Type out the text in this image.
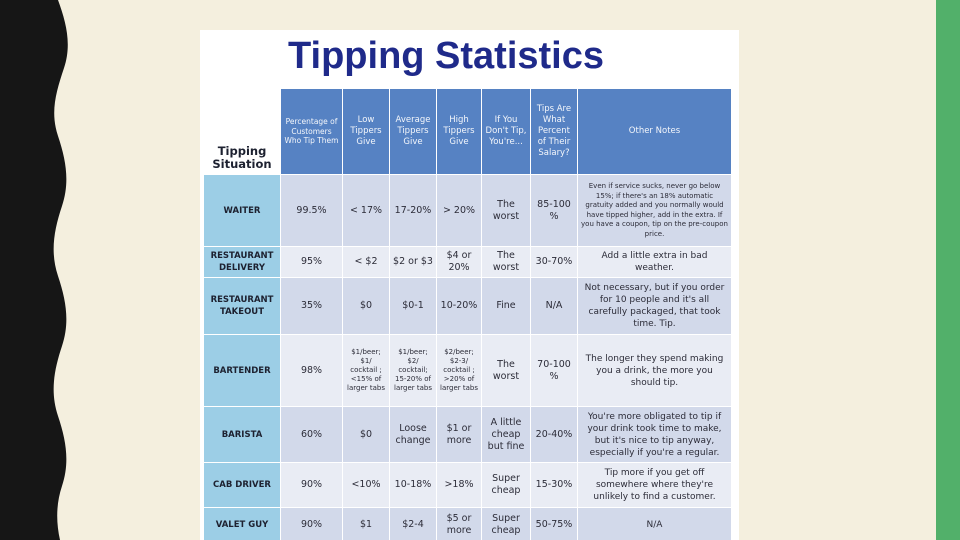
Tipping Statistics
Tipping Situation	Percentage of Customers Who Tip Them	Low Tippers Give	Average Tippers Give	High Tippers Give	If You Don't Tip, You're...	Tips Are What Percent of Their Salary?	Other Notes
WAITER	99.5%	< 17%	17-20%	> 20%	The worst	85-100 %	Even if service sucks, never go below 15%; if there's an 18% automatic gratuity added and you normally would have tipped higher, add in the extra. If you have a coupon, tip on the pre-coupon price.
RESTAURANT DELIVERY	95%	< $2	$2 or $3	$4 or 20%	The worst	30-70%	Add a little extra in bad weather.
RESTAURANT TAKEOUT	35%	$0	$0-1	10-20%	Fine	N/A	Not necessary, but if you order for 10 people and it's all carefully packaged, that took time. Tip.
BARTENDER	98%	$1/beer; $1/ cocktail ; <15% of larger tabs	$1/beer; $2/ cocktail; 15-20% of larger tabs	$2/beer; $2-3/ cocktail ; >20% of larger tabs	The worst	70-100 %	The longer they spend making you a drink, the more you should tip.
BARISTA	60%	$0	Loose change	$1 or more	A little cheap but fine	20-40%	You're more obligated to tip if your drink took time to make, but it's nice to tip anyway, especially if you're a regular.
CAB DRIVER	90%	<10%	10-18%	>18%	Super cheap	15-30%	Tip more if you get off somewhere where they're unlikely to find a customer.
VALET GUY	90%	$1	$2-4	$5 or more	Super cheap	50-75%	N/A
